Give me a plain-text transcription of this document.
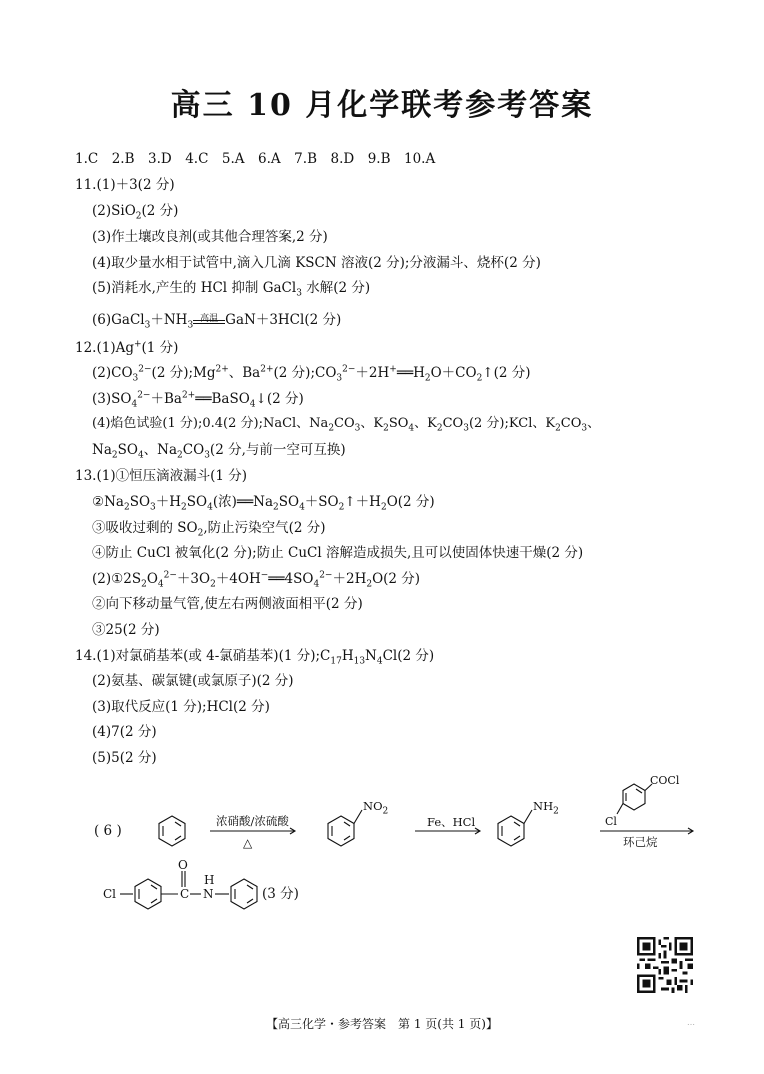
高三 10 月化学联考参考答案
1.C　2.B　3.D　4.C　5.A　6.A　7.B　8.D　9.B　10.A
11.(1)＋3(2 分)
(2)SiO$_2$(2 分)
(3)作土壤改良剂(或其他合理答案,2 分)
(4)取少量水相于试管中,滴入几滴 KSCN 溶液(2 分);分液漏斗、烧杯(2 分)
(5)消耗水,产生的 HCl 抑制 GaCl$_3$ 水解(2 分)
$(6)GaCl_3+NH_3$
高温 GaN＋3HCl(2 分)
12.(1)Ag+(1 分)
$(2)CO_3^{2-}(2$ 分)$;Mg^{2+}$、$Ba^{2+}(2$ 分)$;CO_3^{2-}+2H^+══H_2O+CO_2↑(2$ 分)
$(3)SO_4^{2-}+Ba^{2+}══BaSO_4↓(2$ 分)
(4)焰色试验(1 分);0.4(2 分);NaCl、$Na_2CO_3$、$K_2SO_4$、$K_2CO_3(2$ 分);KCl、$K_2CO_3$、
$Na_2SO_4$、$Na_2CO_3(2$ 分,与前一空可互换)
13.(1)①恒压滴液漏斗(1 分)
$②Na_2SO_3+H_2SO_4$(浓)$══Na_2SO_4+SO_2↑+H_2O(2$ 分)
③吸收过剩的 $SO_2$,防止污染空气(2 分)
④防止 CuCl 被氧化(2 分);防止 CuCl 溶解造成损失,且可以使固体快速干燥(2 分)
$(2)①2S_2O_4^{2-}+3O_2+4OH^-══4SO_4^{2-}+2H_2O(2$ 分)
②向下移动量气管,使左右两侧液面相平(2 分)
③25(2 分)
14.(1)对氯硝基苯(或 4-氯硝基苯)(1 分)$;C_{17}H_{13}N_4Cl(2$ 分)
(2)氨基、碳氯键(或氯原子)(2 分)
(3)取代反应(1 分);HCl(2 分)
(4)7(2 分)
(5)5(2 分)
( 6 )
浓硝酸/浓硫酸
△
$NO_2$
Fe、HCl
$NH_2$
COCl
Cl
环己烷
Cl
O
C
H
N	(3 分)
【高三化学・参考答案　第 1 页(共 1 页)】	…
